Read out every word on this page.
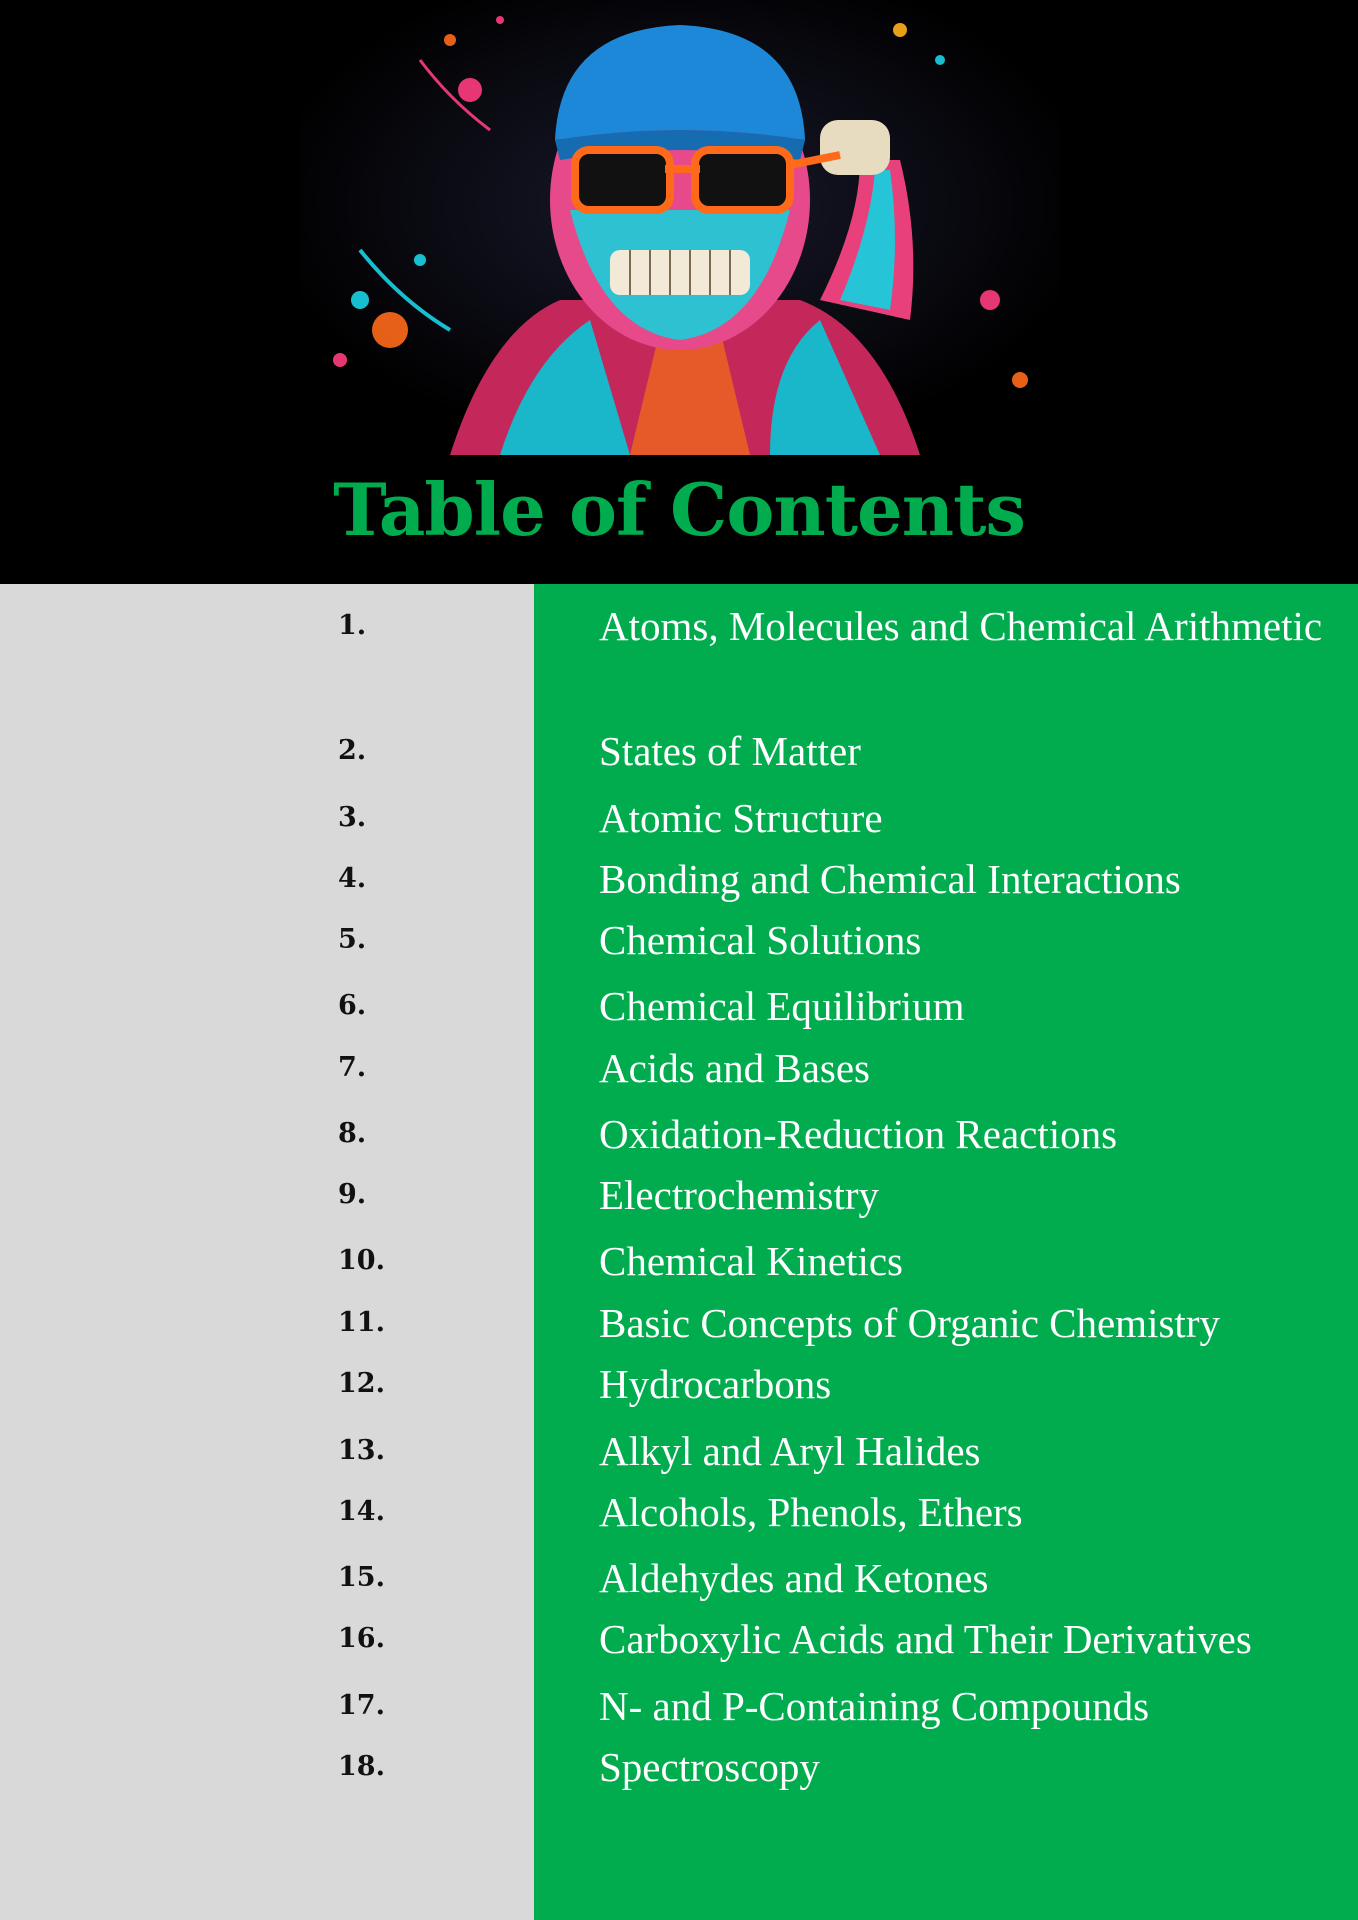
Table of Contents
1.	Atoms, Molecules and Chemical Arithmetic
2.	States of Matter
3.	Atomic Structure
4.	Bonding and Chemical Interactions
5.	Chemical Solutions
6.	Chemical Equilibrium
7.	Acids and Bases
8.	Oxidation-Reduction Reactions
9.	Electrochemistry
10.	Chemical Kinetics
11.	Basic Concepts of Organic Chemistry
12.	Hydrocarbons
13.	Alkyl and Aryl Halides
14.	Alcohols, Phenols, Ethers
15.	Aldehydes and Ketones
16.	Carboxylic Acids and Their Derivatives
17.	N- and P-Containing Compounds
18.	Spectroscopy
